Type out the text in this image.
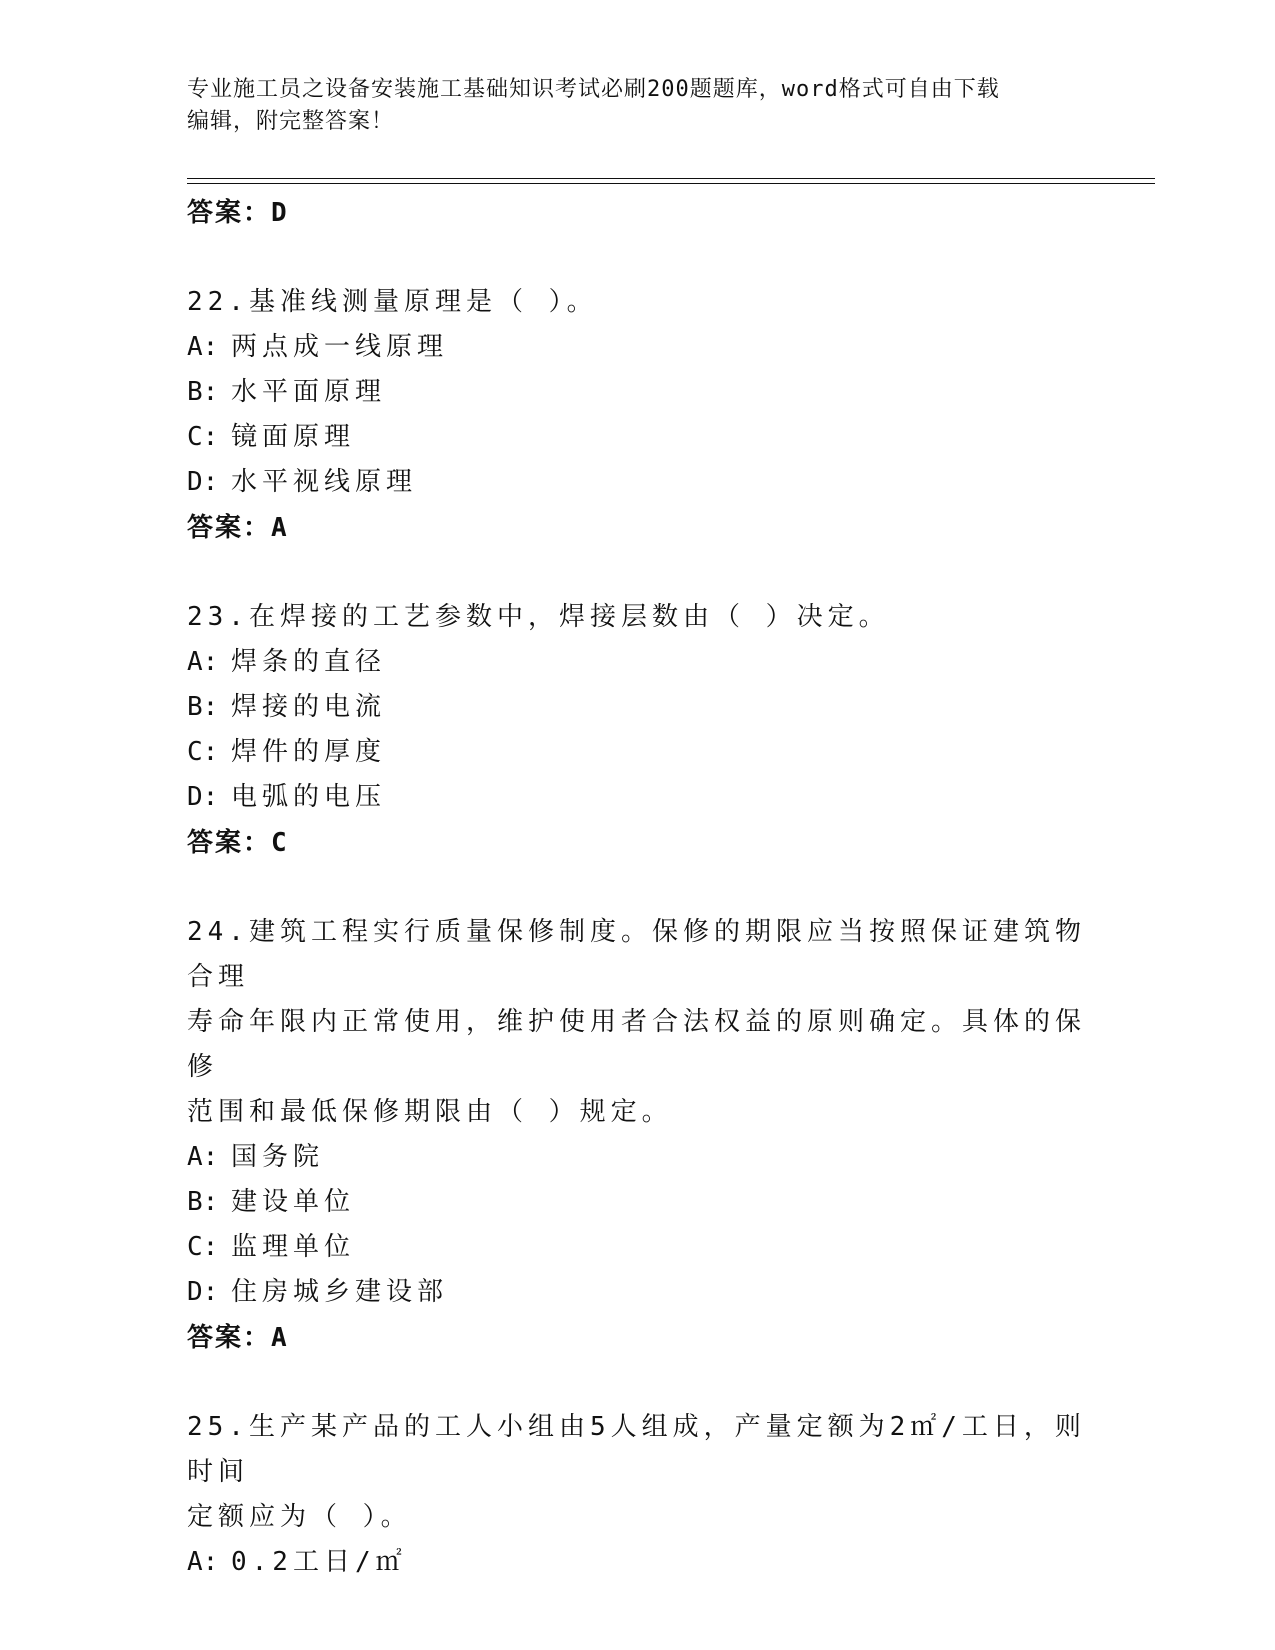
专业施工员之设备安装施工基础知识考试必刷200题题库，word格式可自由下载
编辑，附完整答案！
答案：D
22.基准线测量原理是（ ）。
A: 两点成一线原理
B: 水平面原理
C: 镜面原理
D: 水平视线原理
答案：A
23.在焊接的工艺参数中，焊接层数由（ ）决定。
A: 焊条的直径
B: 焊接的电流
C: 焊件的厚度
D: 电弧的电压
答案：C
24.建筑工程实行质量保修制度。保修的期限应当按照保证建筑物合理
寿命年限内正常使用，维护使用者合法权益的原则确定。具体的保修
范围和最低保修期限由（ ）规定。
A: 国务院
B: 建设单位
C: 监理单位
D: 住房城乡建设部
答案：A
25.生产某产品的工人小组由5人组成，产量定额为2㎡/工日，则时间
定额应为（ ）。
A: 0.2工日/㎡
